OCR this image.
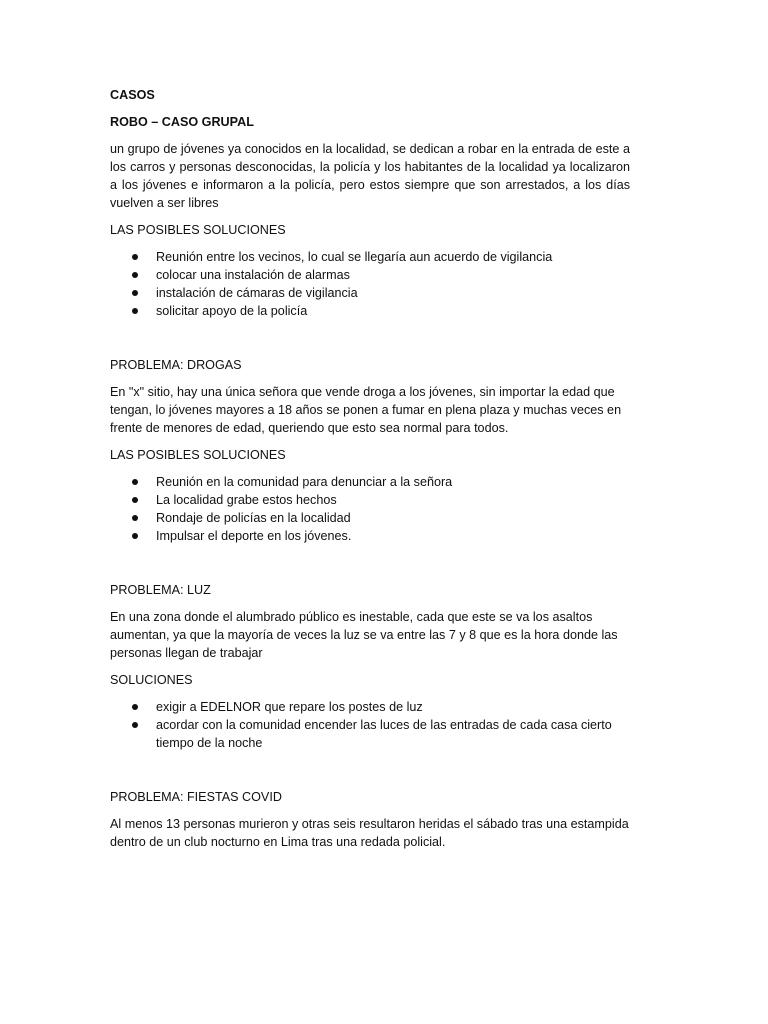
CASOS
ROBO – CASO GRUPAL
un grupo de jóvenes ya conocidos en la localidad, se dedican a robar en la entrada de este a los carros y personas desconocidas, la policía y los habitantes de la localidad ya localizaron a los jóvenes e informaron a la policía, pero estos siempre que son arrestados, a los días vuelven a ser libres
LAS POSIBLES SOLUCIONES
Reunión entre los vecinos, lo cual se llegaría aun acuerdo de vigilancia
colocar una instalación de alarmas
instalación de cámaras de vigilancia
solicitar apoyo de la policía
PROBLEMA: DROGAS
En "x" sitio, hay una única señora que vende droga a los jóvenes, sin importar la edad que tengan, lo jóvenes mayores a 18 años se ponen a fumar en plena plaza y muchas veces en frente de menores de edad, queriendo que esto sea normal para todos.
LAS POSIBLES SOLUCIONES
Reunión en la comunidad para denunciar a la señora
La localidad grabe estos hechos
Rondaje de policías en la localidad
Impulsar el deporte en los jóvenes.
PROBLEMA: LUZ
En una zona donde el alumbrado público es inestable, cada que este se va los asaltos aumentan, ya que la mayoría de veces la luz se va entre las 7 y 8 que es la hora donde las personas llegan de trabajar
SOLUCIONES
exigir a EDELNOR que repare los postes de luz
acordar con la comunidad encender las luces de las entradas de cada casa cierto tiempo de la noche
PROBLEMA: FIESTAS COVID
Al menos 13 personas murieron y otras seis resultaron heridas el sábado tras una estampida dentro de un club nocturno en Lima tras una redada policial.
